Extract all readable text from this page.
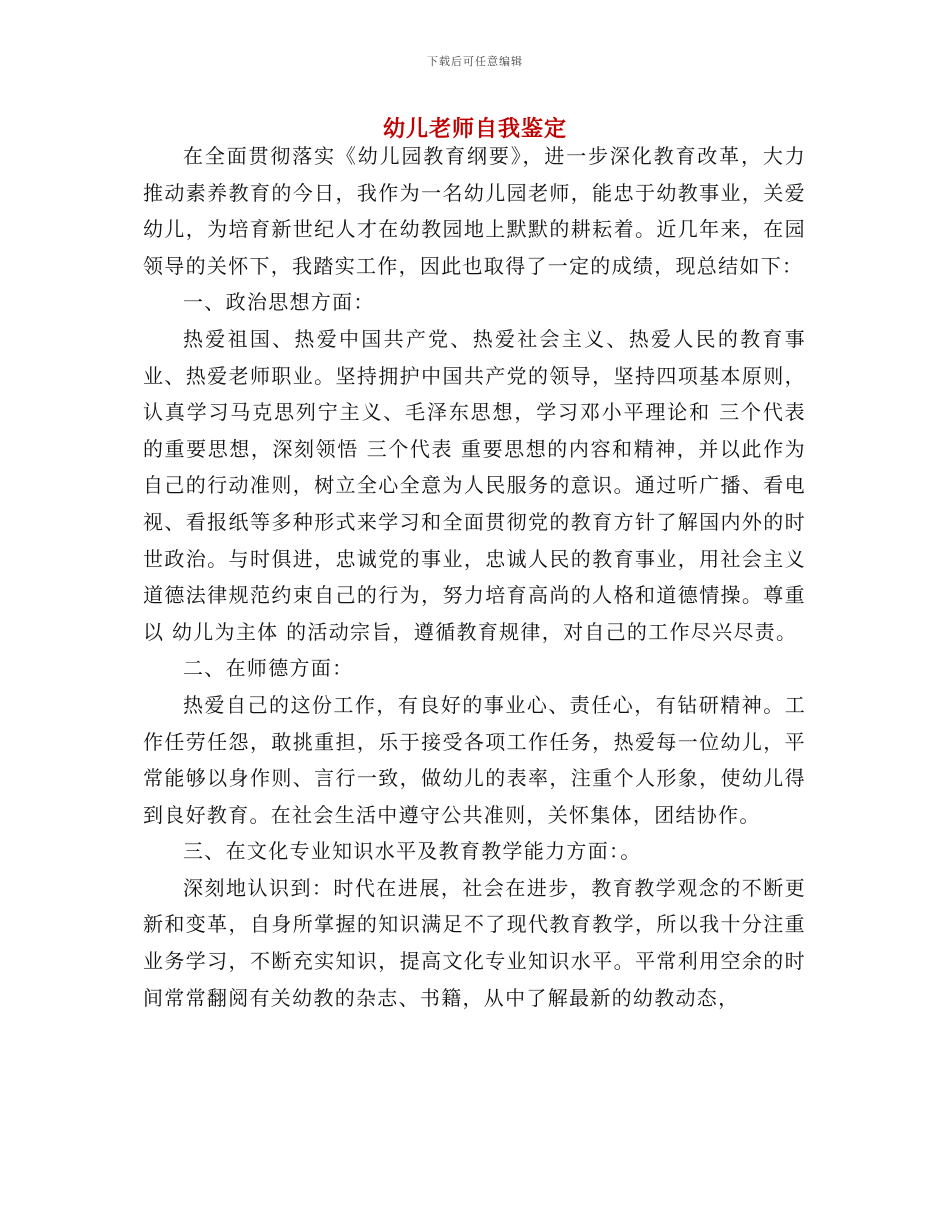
下载后可任意编辑
幼儿老师自我鉴定

在全面贯彻落实《幼儿园教育纲要》，进一步深化教育改革，大力推动素养教育的今日，我作为一名幼儿园老师，能忠于幼教事业，关爱幼儿，为培育新世纪人才在幼教园地上默默的耕耘着。近几年来，在园领导的关怀下，我踏实工作，因此也取得了一定的成绩，现总结如下：

一、政治思想方面：

热爱祖国、热爱中国共产党、热爱社会主义、热爱人民的教育事业、热爱老师职业。坚持拥护中国共产党的领导，坚持四项基本原则，认真学习马克思列宁主义、毛泽东思想，学习邓小平理论和 三个代表的重要思想，深刻领悟 三个代表 重要思想的内容和精神，并以此作为自己的行动准则，树立全心全意为人民服务的意识。通过听广播、看电视、看报纸等多种形式来学习和全面贯彻党的教育方针了解国内外的时世政治。与时俱进，忠诚党的事业，忠诚人民的教育事业，用社会主义道德法律规范约束自己的行为，努力培育高尚的人格和道德情操。尊重以 幼儿为主体 的活动宗旨，遵循教育规律，对自己的工作尽兴尽责。

二、在师德方面：

热爱自己的这份工作，有良好的事业心、责任心，有钻研精神。工作任劳任怨，敢挑重担，乐于接受各项工作任务，热爱每一位幼儿，平常能够以身作则、言行一致，做幼儿的表率，注重个人形象，使幼儿得到良好教育。在社会生活中遵守公共准则，关怀集体，团结协作。

三、在文化专业知识水平及教育教学能力方面：。

深刻地认识到：时代在进展，社会在进步，教育教学观念的不断更新和变革，自身所掌握的知识满足不了现代教育教学，所以我十分注重业务学习，不断充实知识，提高文化专业知识水平。平常利用空余的时间常常翻阅有关幼教的杂志、书籍，从中了解最新的幼教动态，
